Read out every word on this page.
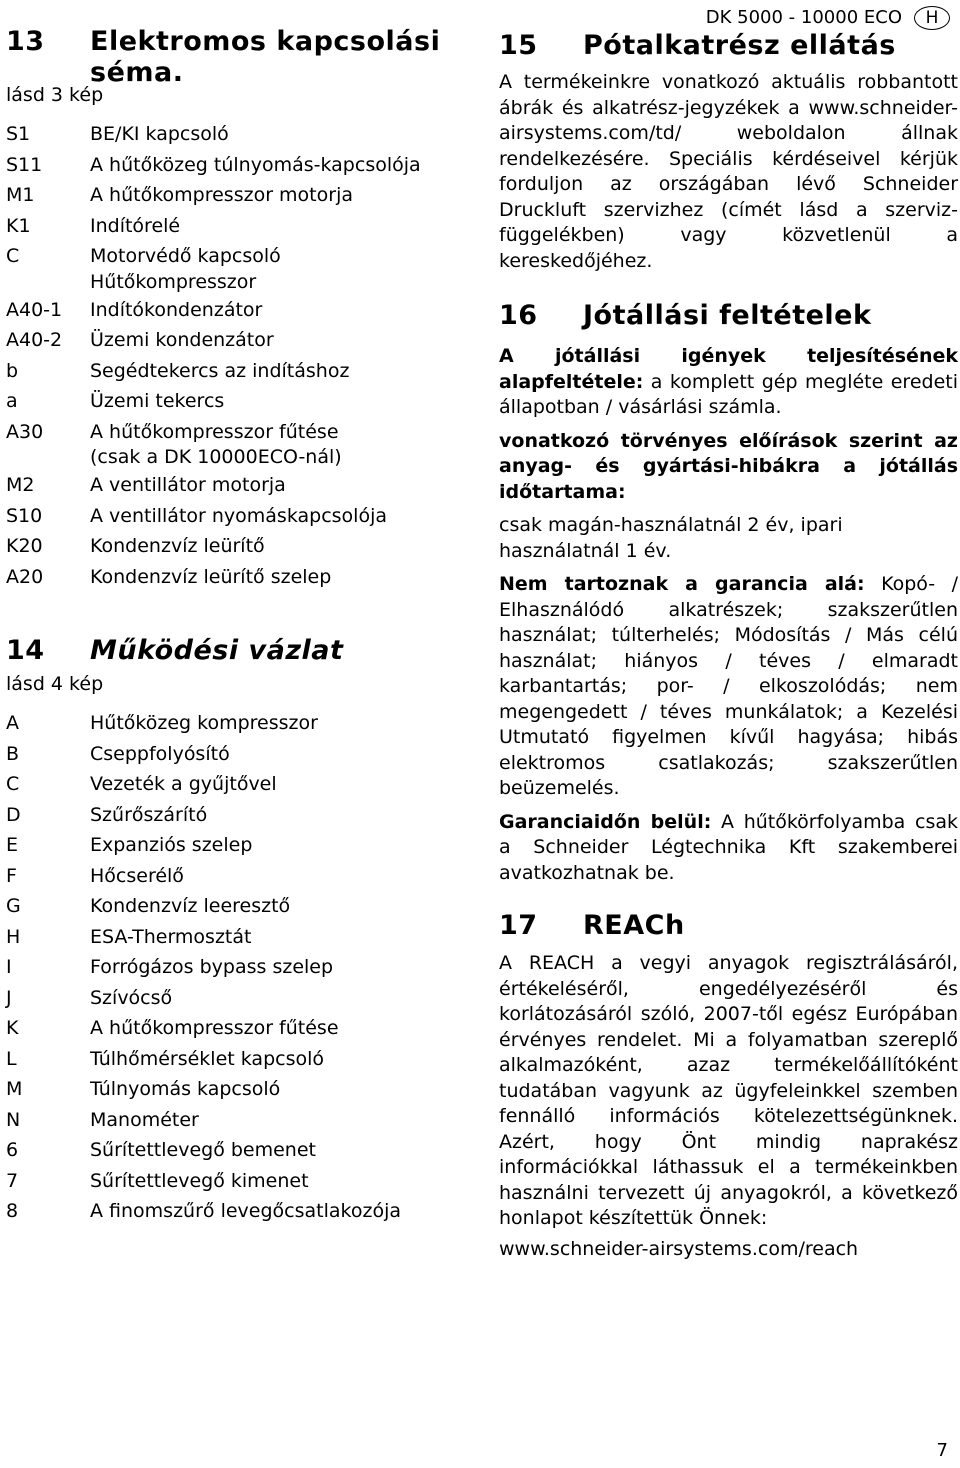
DK 5000 - 10000 ECO	H
13	Elektromos kapcsolási
séma.
lásd 3 kép
S1	BE/KI kapcsoló
S11	A hűtőközeg túlnyomás-kapcsolója
M1	A hűtőkompresszor motorja
K1	Indítórelé
C	Motorvédő kapcsoló
Hűtőkompresszor
A40-1	Indítókondenzátor
A40-2	Üzemi kondenzátor
b	Segédtekercs az indításhoz
a	Üzemi tekercs
A30	A hűtőkompresszor fűtése
(csak a DK 10000ECO-nál)
M2	A ventillátor motorja
S10	A ventillátor nyomáskapcsolója
K20	Kondenzvíz leürítő
A20	Kondenzvíz leürítő szelep
14	Működési vázlat
lásd 4 kép
A	Hűtőközeg kompresszor
B	Cseppfolyósító
C	Vezeték a gyűjtővel
D	Szűrőszárító
E	Expanziós szelep
F	Hőcserélő
G	Kondenzvíz leeresztő
H	ESA-Thermosztát
I	Forrógázos bypass szelep
J	Szívócső
K	A hűtőkompresszor fűtése
L	Túlhőmérséklet kapcsoló
M	Túlnyomás kapcsoló
N	Manométer
6	Sűrítettlevegő bemenet
7	Sűrítettlevegő kimenet
8	A finomszűrő levegőcsatlakozója
15	Pótalkatrész ellátás

A termékeinkre vonatkozó aktuális robbantott ábrák és alkatrész-jegyzékek a www.schneider-airsystems.com/td/ weboldalon állnak rendelkezésére. Speciális kérdéseivel kérjük forduljon az országában lévő Schneider Druckluft szervizhez (címét lásd a szerviz-függelékben) vagy közvetlenül a kereskedőjéhez.

16	Jótállási feltételek

A jótállási igények teljesítésének alapfeltétele: a komplett gép megléte eredeti állapotban / vásárlási számla.

vonatkozó törvényes előírások szerint az anyag- és gyártási-hibákra a jótállás időtartama:

csak magán-használatnál 2 év, ipari használatnál 1 év.

Nem tartoznak a garancia alá: Kopó- / Elhasználódó alkatrészek; szakszerűtlen használat; túlterhelés; Módosítás / Más célú használat; hiányos / téves / elmaradt karbantartás; por- / elkoszolódás; nem megengedett / téves munkálatok; a Kezelési Utmutató figyelmen kívűl hagyása; hibás elektromos csatlakozás; szakszerűtlen beüzemelés.

Garanciaidőn belül: A hűtőkörfolyamba csak a Schneider Légtechnika Kft szakemberei avatkozhatnak be.

17	REACh

A REACH a vegyi anyagok regisztrálásáról, értékeléséről, engedélyezéséről és korlátozásáról szóló, 2007-től egész Európában érvényes rendelet. Mi a folyamatban szereplő alkalmazóként, azaz termékelőállítóként tudatában vagyunk az ügyfeleinkkel szemben fennálló információs kötelezettségünknek. Azért, hogy Önt mindig naprakész információkkal láthassuk el a termékeinkben használni tervezett új anyagokról, a következő honlapot készítettük Önnek:

www.schneider-airsystems.com/reach

7
